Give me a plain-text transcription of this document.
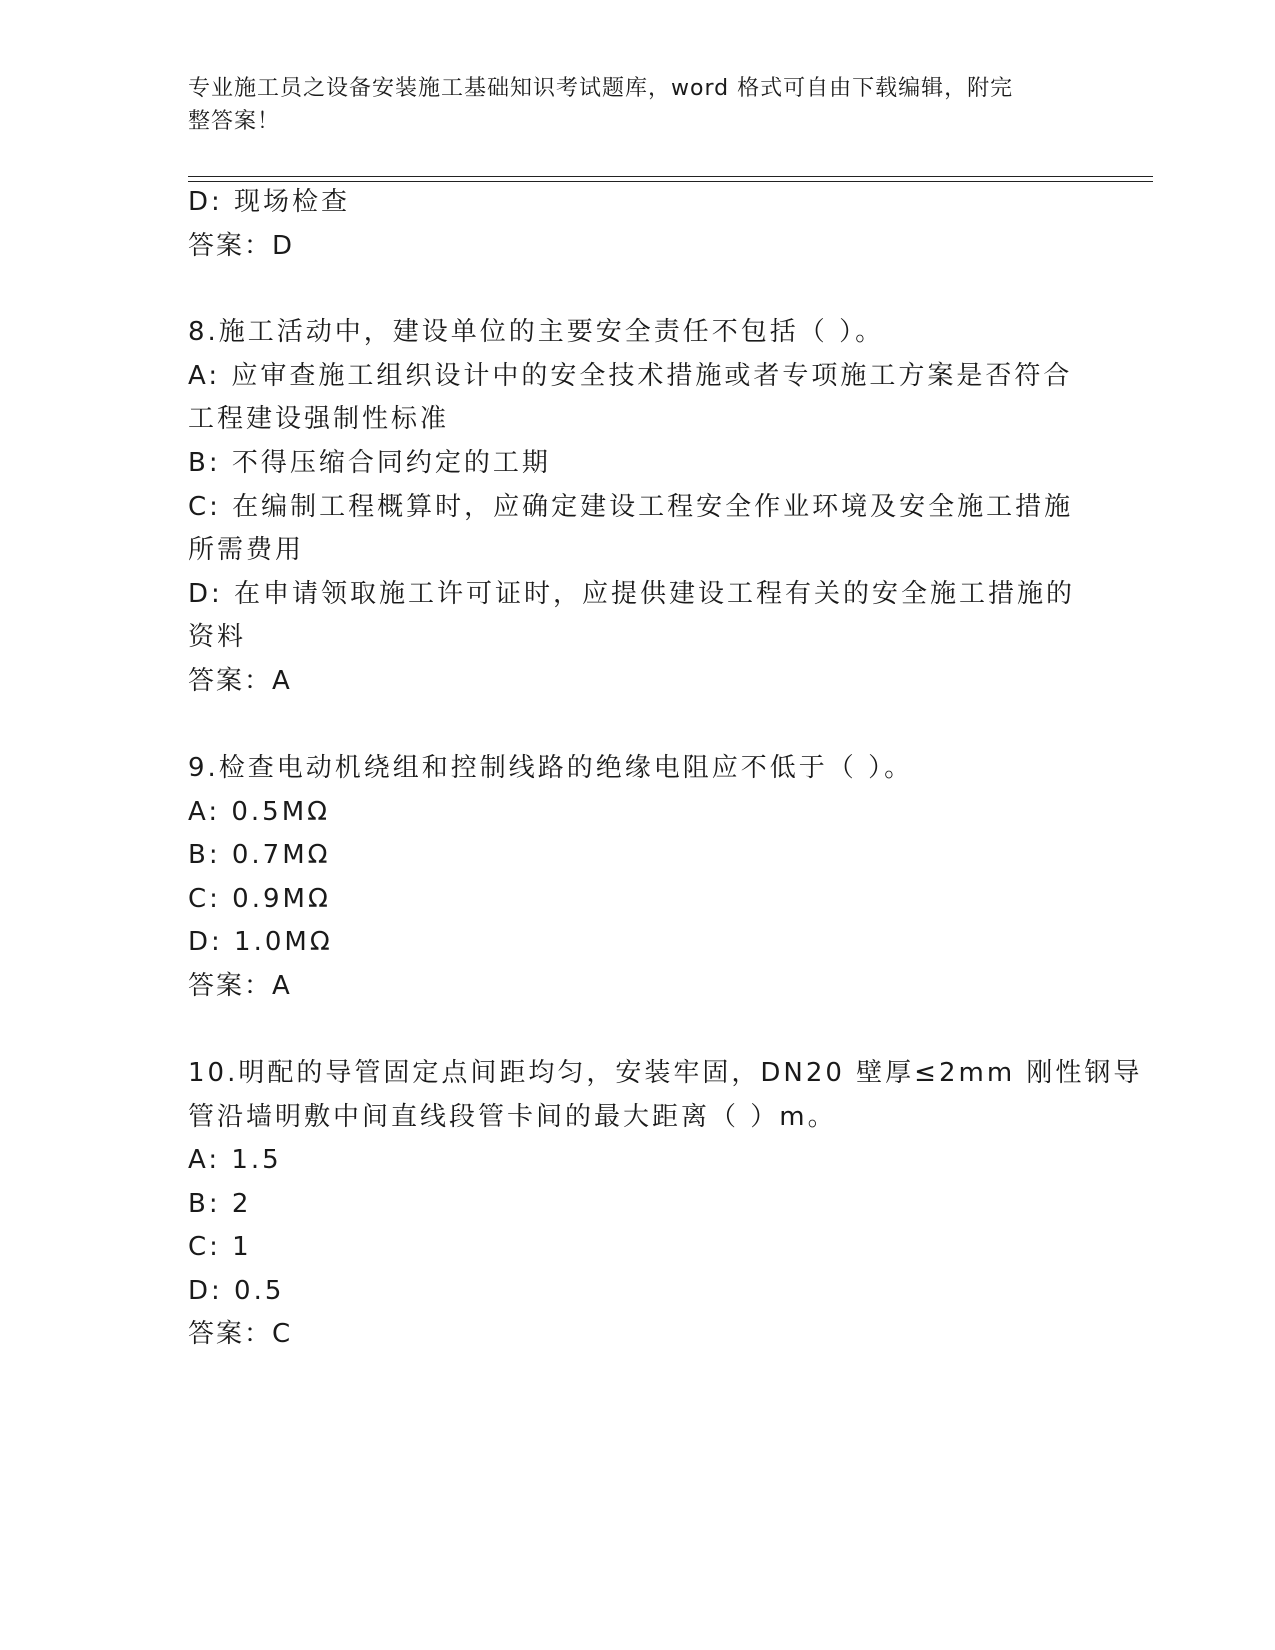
专业施工员之设备安装施工基础知识考试题库，word 格式可自由下载编辑，附完
整答案！
D: 现场检查
答案：D
8.施工活动中，建设单位的主要安全责任不包括（ ）。
A: 应审查施工组织设计中的安全技术措施或者专项施工方案是否符合
工程建设强制性标准
B: 不得压缩合同约定的工期
C: 在编制工程概算时，应确定建设工程安全作业环境及安全施工措施
所需费用
D: 在申请领取施工许可证时，应提供建设工程有关的安全施工措施的
资料
答案：A
9.检查电动机绕组和控制线路的绝缘电阻应不低于（ ）。
A: 0.5MΩ
B: 0.7MΩ
C: 0.9MΩ
D: 1.0MΩ
答案：A
10.明配的导管固定点间距均匀，安装牢固，DN20 壁厚≤2mm 刚性钢导
管沿墙明敷中间直线段管卡间的最大距离（ ）m。
A: 1.5
B: 2
C: 1
D: 0.5
答案：C
